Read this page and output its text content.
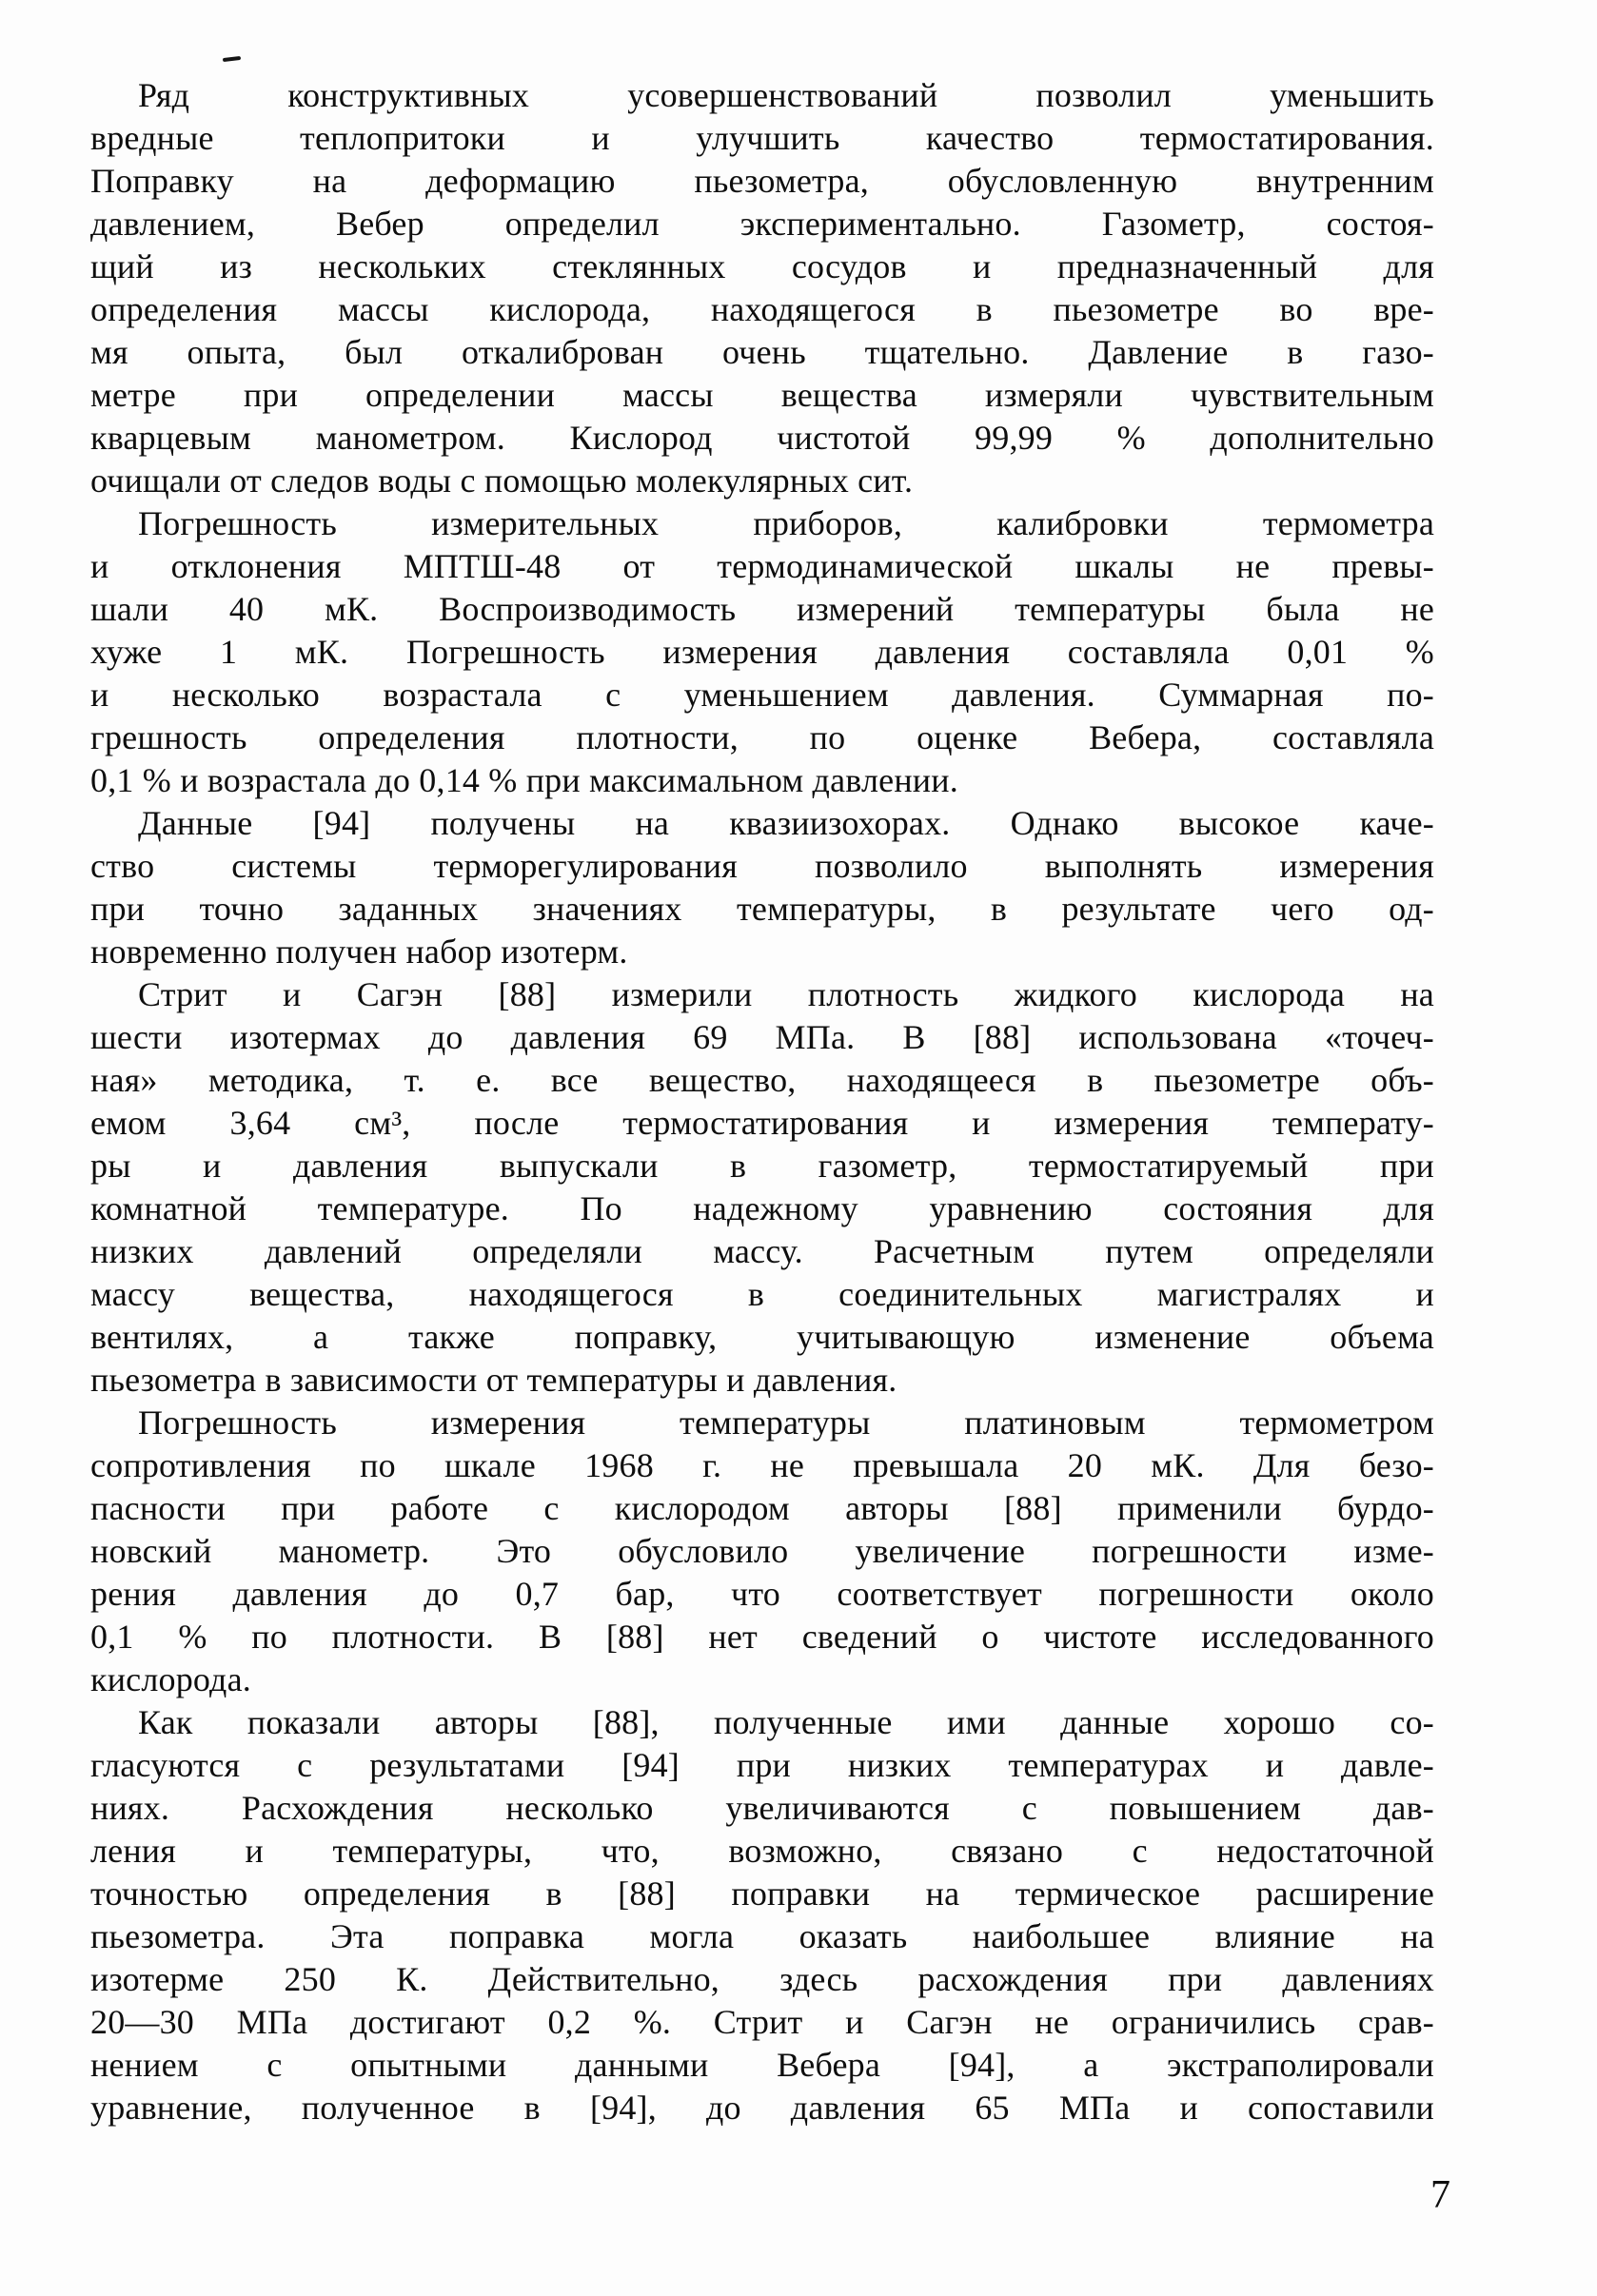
Ряд конструктивных усовершенствований позволил уменьшить
вредные теплопритоки и улучшить качество термостатирования.
Поправку на деформацию пьезометра, обусловленную внутренним
давлением, Вебер определил экспериментально. Газометр, состоя-
щий из нескольких стеклянных сосудов и предназначенный для
определения массы кислорода, находящегося в пьезометре во вре-
мя опыта, был откалиброван очень тщательно. Давление в газо-
метре при определении массы вещества измеряли чувствительным
кварцевым манометром. Кислород чистотой 99,99 % дополнительно
очищали от следов воды с помощью молекулярных сит.
Погрешность измерительных приборов, калибровки термометра
и отклонения МПТШ-48 от термодинамической шкалы не превы-
шали 40 мК. Воспроизводимость измерений температуры была не
хуже 1 мК. Погрешность измерения давления составляла 0,01 %
и несколько возрастала с уменьшением давления. Суммарная по-
грешность определения плотности, по оценке Вебера, составляла
0,1 % и возрастала до 0,14 % при максимальном давлении.
Данные [94] получены на квазиизохорах. Однако высокое каче-
ство системы терморегулирования позволило выполнять измерения
при точно заданных значениях температуры, в результате чего од-
новременно получен набор изотерм.
Стрит и Сагэн [88] измерили плотность жидкого кислорода на
шести изотермах до давления 69 МПа. В [88] использована «точеч-
ная» методика, т. е. все вещество, находящееся в пьезометре объ-
емом 3,64 см³, после термостатирования и измерения температу-
ры и давления выпускали в газометр, термостатируемый при
комнатной температуре. По надежному уравнению состояния для
низких давлений определяли массу. Расчетным путем определяли
массу вещества, находящегося в соединительных магистралях и
вентилях, а также поправку, учитывающую изменение объема
пьезометра в зависимости от температуры и давления.
Погрешность измерения температуры платиновым термометром
сопротивления по шкале 1968 г. не превышала 20 мК. Для безо-
пасности при работе с кислородом авторы [88] применили бурдо-
новский манометр. Это обусловило увеличение погрешности изме-
рения давления до 0,7 бар, что соответствует погрешности около
0,1 % по плотности. В [88] нет сведений о чистоте исследованного
кислорода.
Как показали авторы [88], полученные ими данные хорошо со-
гласуются с результатами [94] при низких температурах и давле-
ниях. Расхождения несколько увеличиваются с повышением дав-
ления и температуры, что, возможно, связано с недостаточной
точностью определения в [88] поправки на термическое расширение
пьезометра. Эта поправка могла оказать наибольшее влияние на
изотерме 250 К. Действительно, здесь расхождения при давлениях
20—30 МПа достигают 0,2 %. Стрит и Сагэн не ограничились срав-
нением с опытными данными Вебера [94], а экстраполировали
уравнение, полученное в [94], до давления 65 МПа и сопоставили
7
